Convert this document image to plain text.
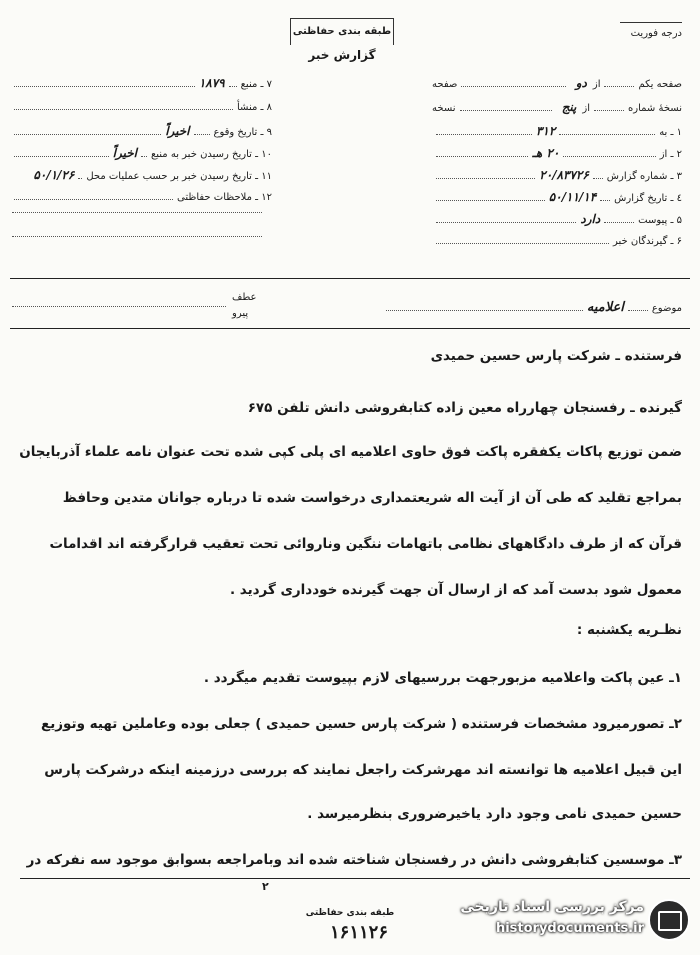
طبقه بندی حفاظتی
گزارش خبر
درجه فوریت
صفحه یکم
از
دو
صفحه
نسخهٔ شماره
از
پنج
نسخه
۱ ـ به
۳۱۲
۲ ـ از
۲۰ هـ
۳ ـ شماره گزارش
۲۰/۸۳۷۲۶
٤ ـ تاریخ گزارش
۵۰/۱۱/۱۴
۵ ـ پیوست
دارد
۶ ـ گیرندگان خبر
۷ ـ منبع
۱۸۷۹
۸ ـ منشأ
۹ ـ تاریخ وقوع
اخیراً
۱۰ ـ تاریخ رسیدن خبر به منبع
اخیراً
۱۱ ـ تاریخ رسیدن خبر بر حسب عملیات محل
۵۰/۱/۲۶
۱۲ ـ ملاحظات حفاظتی
موضوع
اعلامیه
عطف
پیرو
فرستنده ـ شرکت پارس حسین حمیدی
گیرنده ـ رفسنجان چهارراه معین زاده کتابفروشی دانش تلفن ۶۷۵
ضمن توزیع پاکات یکفقره پاکت فوق حاوی اعلامیه ای پلی کپی شده تحت عنوان نامه علماء آذربایجان
بمراجع تقلید که طی آن از آیت اله شریعتمداری درخواست شده تا درباره جوانان متدین وحافظ
قرآن که از طرف دادگاههای نظامی باتهامات ننگین ونارواﺋﯽ تحت تعقیب قرارگرفته اند اقدامات
معمول شود بدست آمد که از ارسال آن جهت گیرنده خودداری گردید .
نظـریه یکشنبه :
۱ـ عین پاکت واعلامیه مزبورجهت بررسیهای لازم بپیوست تقدیم میگردد .
۲ـ تصورمیرود مشخصات فرستنده ( شرکت پارس حسین حمیدی ) جعلی بوده وعاملین تهیه وتوزیع
این قبیل اعلامیه ها توانسته اند مهرشرکت راجعل نمایند که بررسی درزمینه اینکه درشرکت پارس
حسین حمیدی نامی وجود دارد یاخیرضروری بنظرمیرسد .
۳ـ موسسین کتابفروشی دانش در رفسنجان شناخته شده اند وبامراجعه بسوابق موجود سه نفرکه در
۲
طبقه بندی حفاظتی
۱۶۱۱۲۶
مرکز بررسی اسناد تاریخی
historydocuments.ir
